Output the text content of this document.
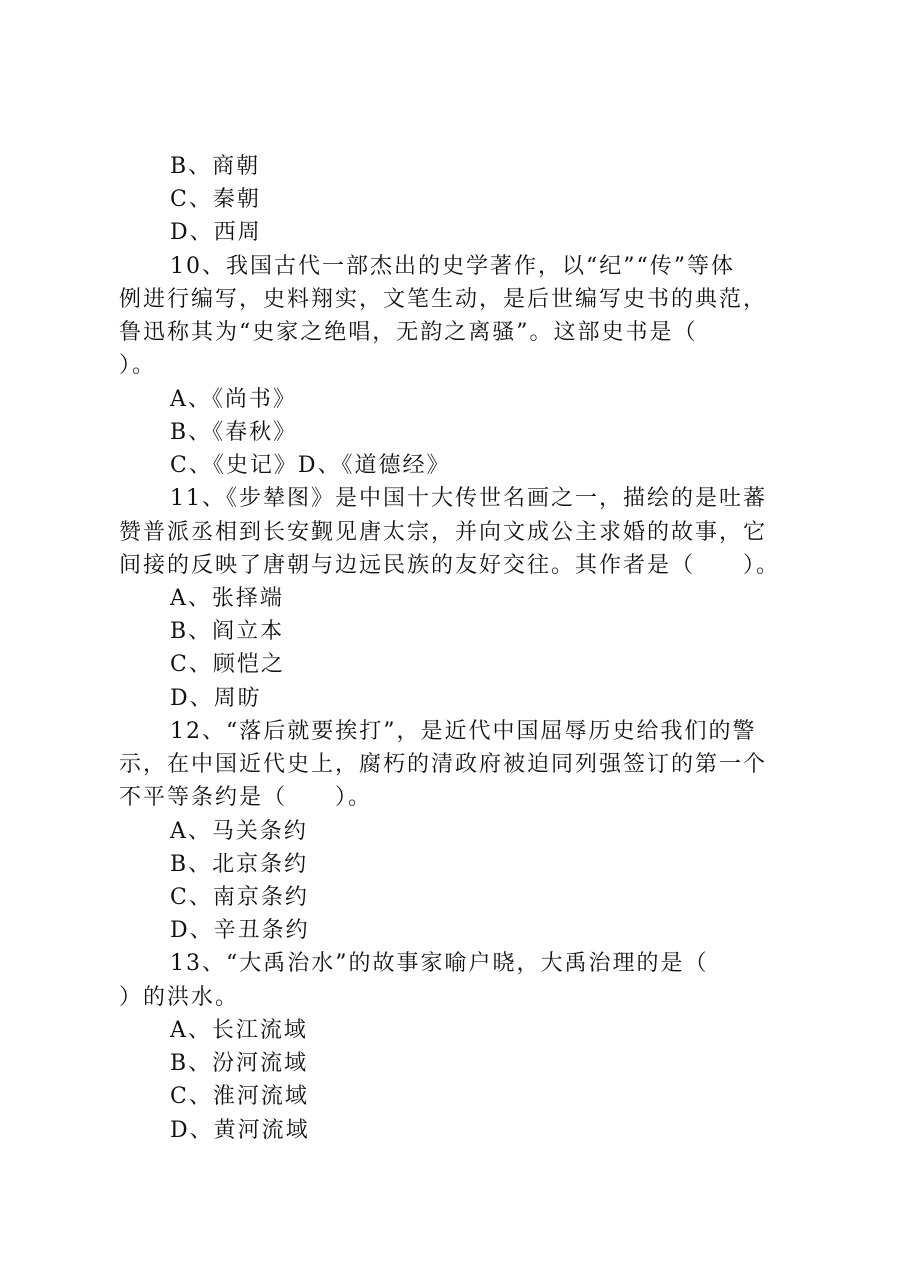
B、商朝
C、秦朝
D、西周
10、我国古代一部杰出的史学著作，以“纪”“传”等体
例进行编写，史料翔实，文笔生动，是后世编写史书的典范，
鲁迅称其为“史家之绝唱，无韵之离骚”。这部史书是（
）。
A、《尚书》
B、《春秋》
C、《史记》D、《道德经》
11、《步辇图》是中国十大传世名画之一，描绘的是吐蕃
赞普派丞相到长安觐见唐太宗，并向文成公主求婚的故事，它
间接的反映了唐朝与边远民族的友好交往。其作者是（　　）。
A、张择端
B、阎立本
C、顾恺之
D、周昉
12、“落后就要挨打”，是近代中国屈辱历史给我们的警
示，在中国近代史上，腐朽的清政府被迫同列强签订的第一个
不平等条约是（　　）。
A、马关条约
B、北京条约
C、南京条约
D、辛丑条约
13、“大禹治水”的故事家喻户晓，大禹治理的是（
）的洪水。
A、长江流域
B、汾河流域
C、淮河流域
D、黄河流域
